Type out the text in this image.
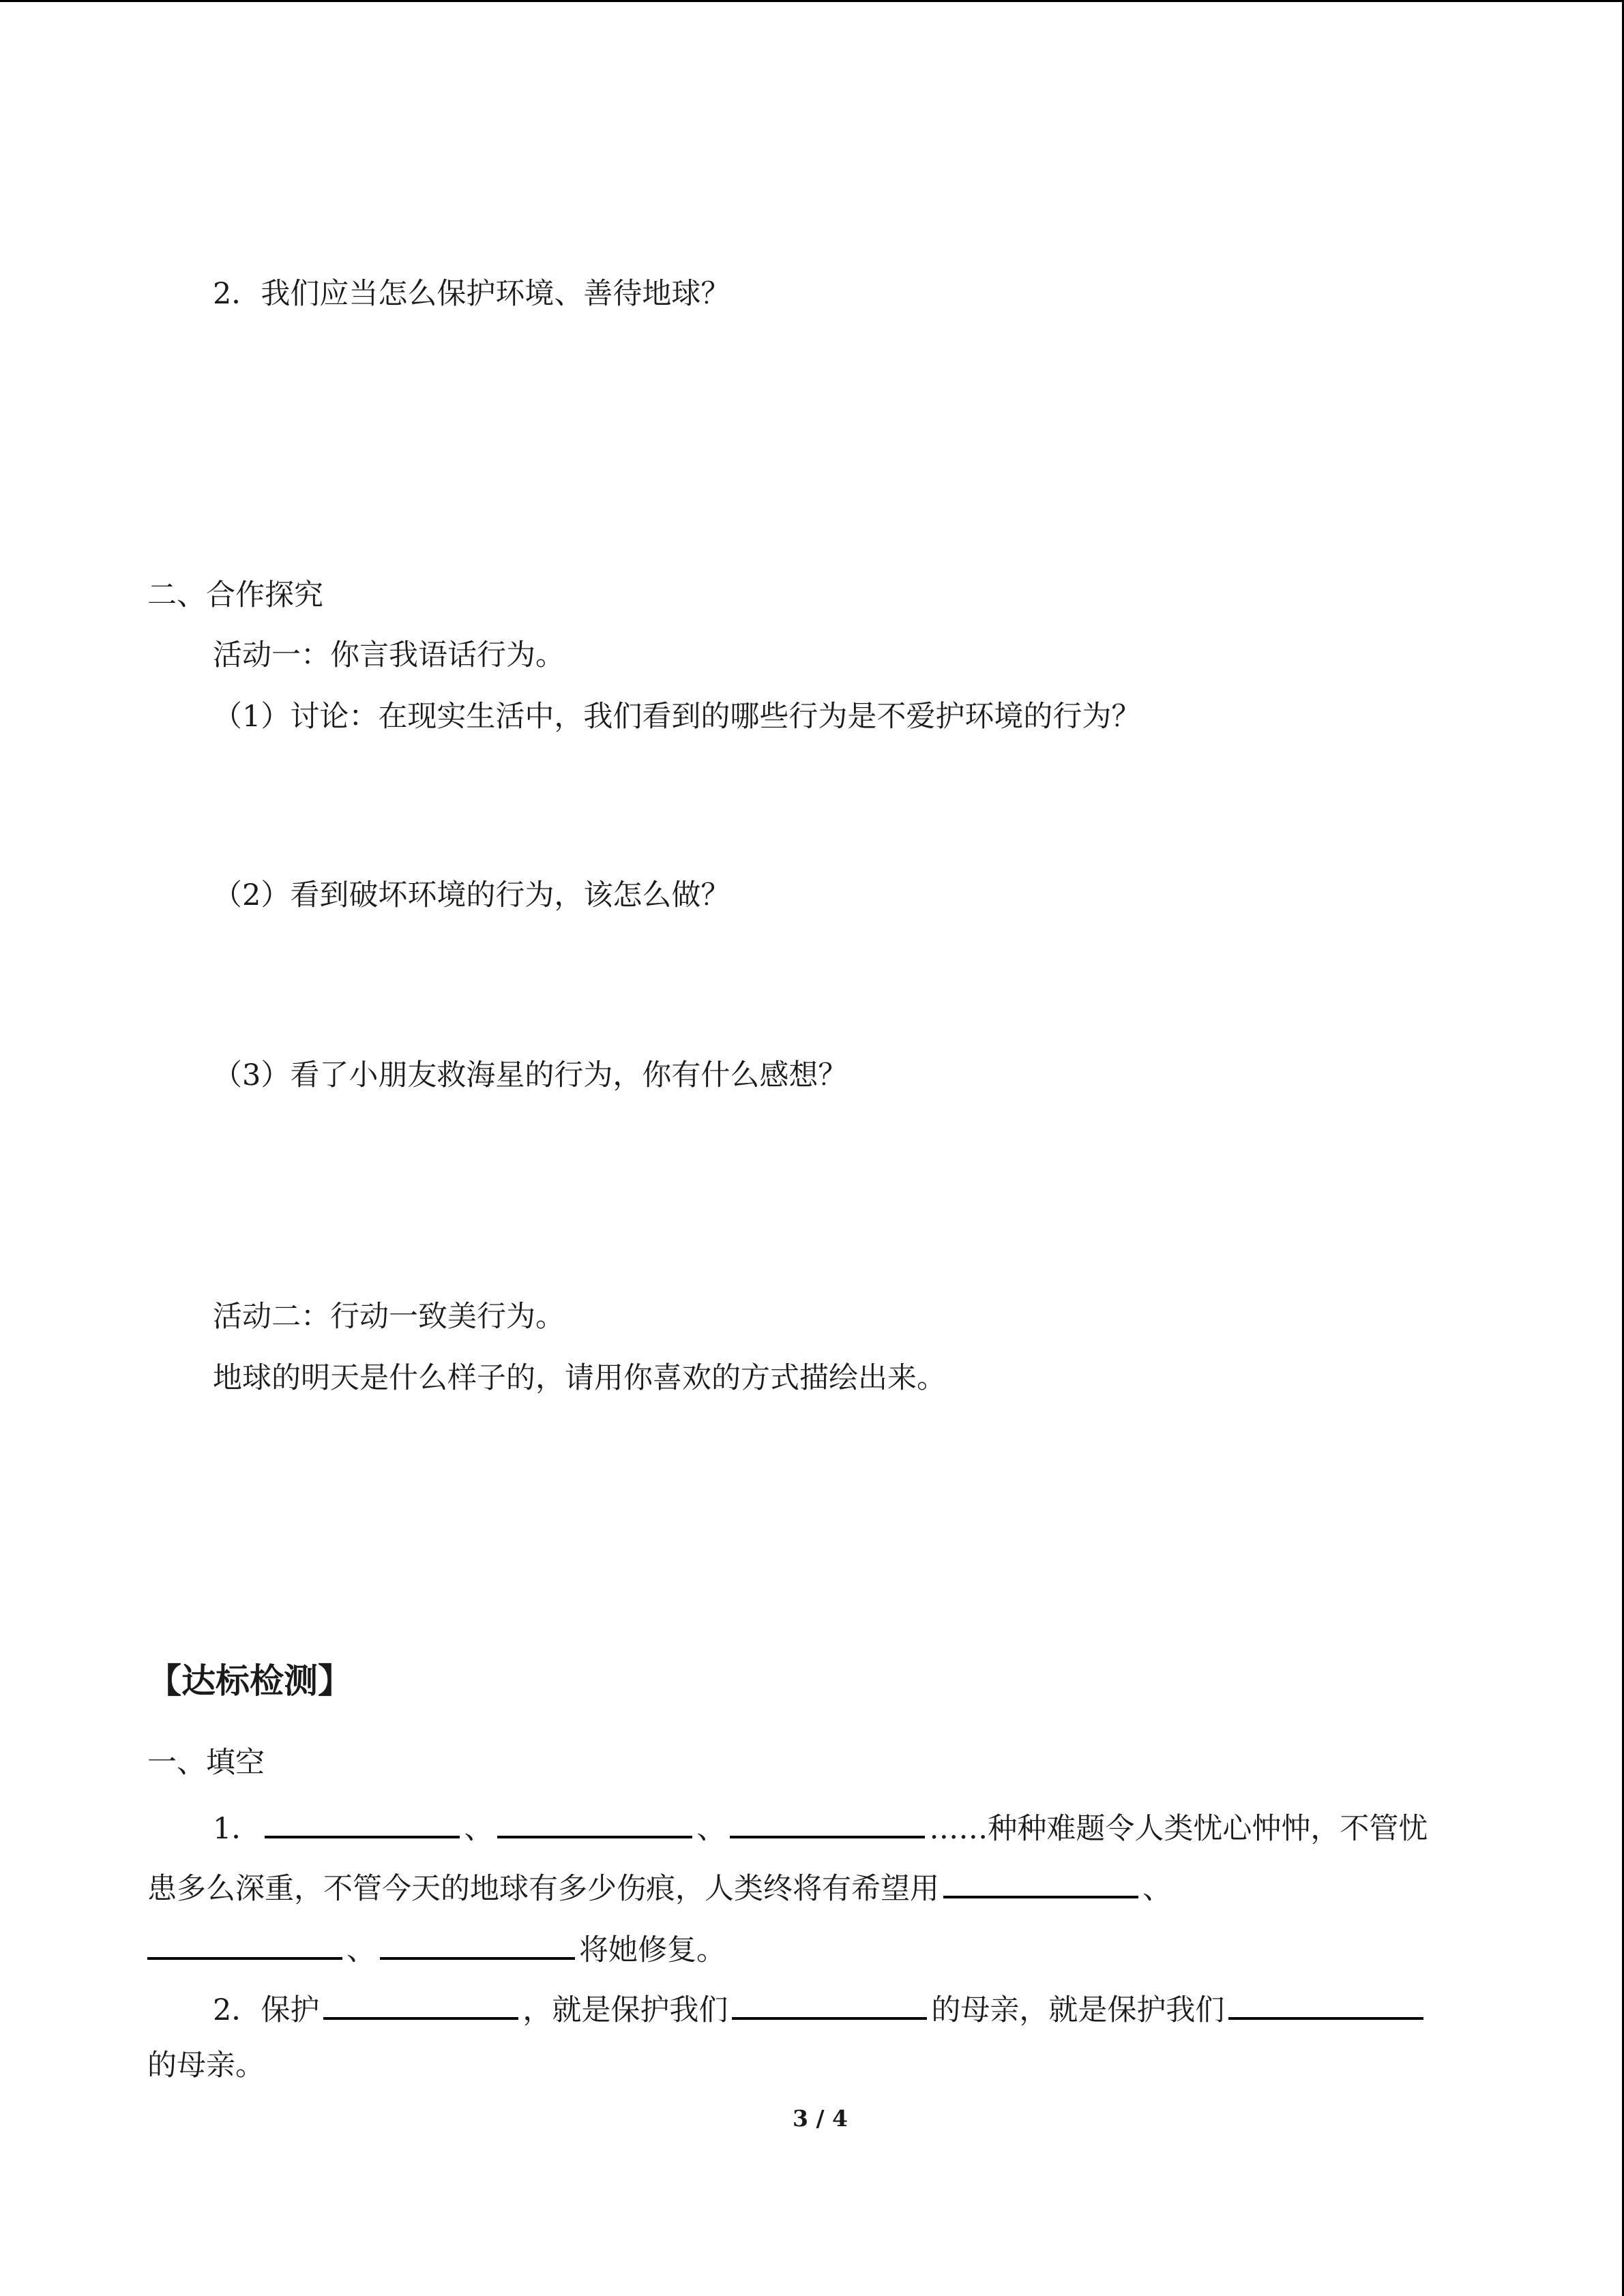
2．我们应当怎么保护环境、善待地球？
二、合作探究
活动一：你言我语话行为。
（1）讨论：在现实生活中，我们看到的哪些行为是不爱护环境的行为？
（2）看到破坏环境的行为，该怎么做？
（3）看了小朋友救海星的行为，你有什么感想？
活动二：行动一致美行为。
地球的明天是什么样子的，请用你喜欢的方式描绘出来。
【达标检测】
一、填空
1．	、	、	……种种难题令人类忧心忡忡，不管忧
患多么深重，不管今天的地球有多少伤痕，人类终将有希望用	、
、	将她修复。
2．保护	，就是保护我们	的母亲，就是保护我们
的母亲。
3 / 4
